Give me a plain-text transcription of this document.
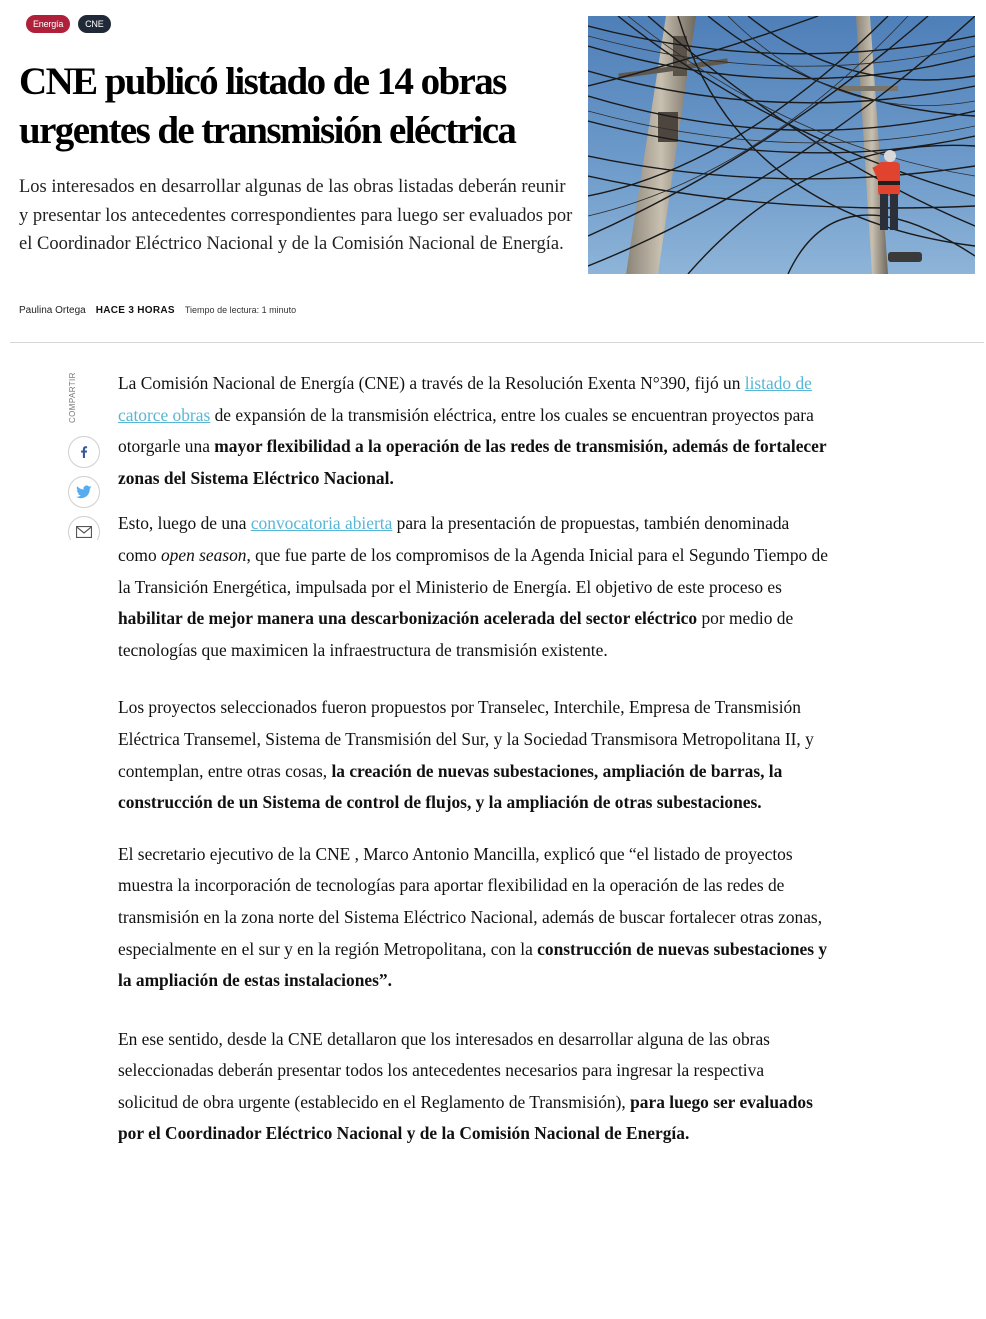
Energía	CNE
CNE publicó listado de 14 obras urgentes de transmisión eléctrica

Los interesados en desarrollar algunas de las obras listadas deberán reunir y presentar los antecedentes correspondientes para luego ser evaluados por el Coordinador Eléctrico Nacional y de la Comisión Nacional de Energía.

Paulina Ortega HACE 3 HORAS Tiempo de lectura: 1 minuto
COMPARTIR La Comisión Nacional de Energía (CNE) a través de la Resolución Exenta N°390, fijó un listado de catorce obras de expansión de la transmisión eléctrica, entre los cuales se encuentran proyectos para otorgarle una mayor flexibilidad a la operación de las redes de transmisión, además de fortalecer zonas del Sistema Eléctrico Nacional.

Esto, luego de una convocatoria abierta para la presentación de propuestas, también denominada como open season, que fue parte de los compromisos de la Agenda Inicial para el Segundo Tiempo de la Transición Energética, impulsada por el Ministerio de Energía. El objetivo de este proceso es habilitar de mejor manera una descarbonización acelerada del sector eléctrico por medio de tecnologías que maximicen la infraestructura de transmisión existente.

Los proyectos seleccionados fueron propuestos por Transelec, Interchile, Empresa de Transmisión Eléctrica Transemel, Sistema de Transmisión del Sur, y la Sociedad Transmisora Metropolitana II, y contemplan, entre otras cosas, la creación de nuevas subestaciones, ampliación de barras, la construcción de un Sistema de control de flujos, y la ampliación de otras subestaciones.

El secretario ejecutivo de la CNE , Marco Antonio Mancilla, explicó que “el listado de proyectos muestra la incorporación de tecnologías para aportar flexibilidad en la operación de las redes de transmisión en la zona norte del Sistema Eléctrico Nacional, además de buscar fortalecer otras zonas, especialmente en el sur y en la región Metropolitana, con la construcción de nuevas subestaciones y la ampliación de estas instalaciones”.

En ese sentido, desde la CNE detallaron que los interesados en desarrollar alguna de las obras seleccionadas deberán presentar todos los antecedentes necesarios para ingresar la respectiva solicitud de obra urgente (establecido en el Reglamento de Transmisión), para luego ser evaluados por el Coordinador Eléctrico Nacional y de la Comisión Nacional de Energía.
